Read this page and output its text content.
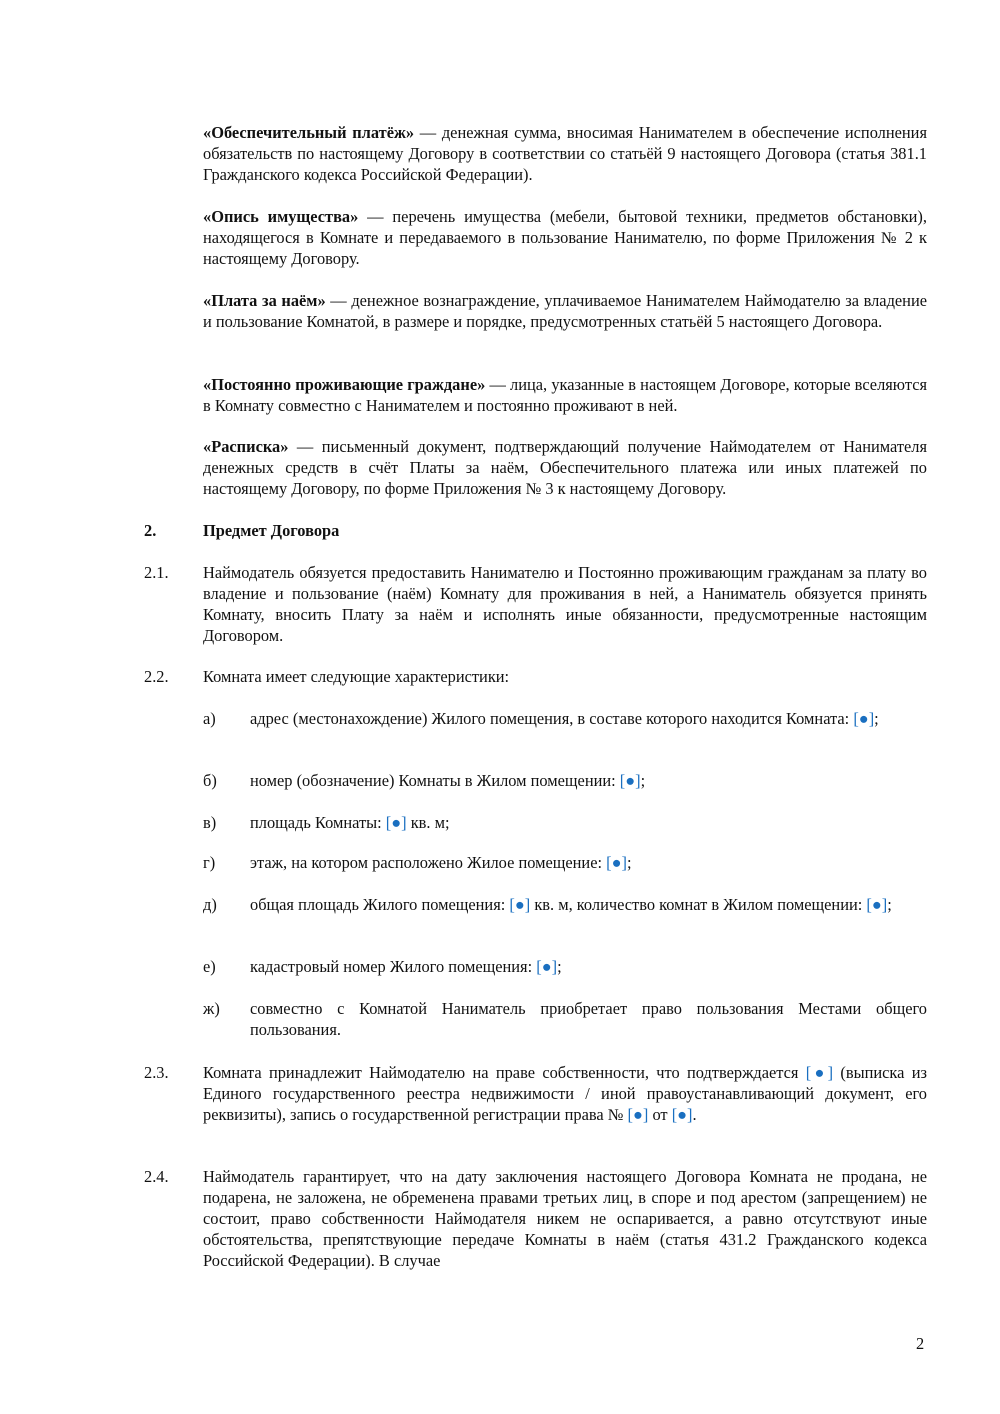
«Обеспечительный платёж» — денежная сумма, вносимая Нанимателем в обеспечение исполнения обязательств по настоящему Договору в соответствии со статьёй 9 настоящего Договора (статья 381.1 Гражданского кодекса Российской Федерации).

«Опись имущества» — перечень имущества (мебели, бытовой техники, предметов обстановки), находящегося в Комнате и передаваемого в пользование Нанимателю, по форме Приложения № 2 к настоящему Договору.

«Плата за наём» — денежное вознаграждение, уплачиваемое Нанимателем Наймодателю за владение и пользование Комнатой, в размере и порядке, предусмотренных статьёй 5 настоящего Договора.

«Постоянно проживающие граждане» — лица, указанные в настоящем Договоре, которые вселяются в Комнату совместно с Нанимателем и постоянно проживают в ней.

«Расписка» — письменный документ, подтверждающий получение Наймодателем от Нанимателя денежных средств в счёт Платы за наём, Обеспечительного платежа или иных платежей по настоящему Договору, по форме Приложения № 3 к настоящему Договору.

2.	Предмет Договора
2.1. Наймодатель обязуется предоставить Нанимателю и Постоянно проживающим гражданам за плату во владение и пользование (наём) Комнату для проживания в ней, а Наниматель обязуется принять Комнату, вносить Плату за наём и исполнять иные обязанности, предусмотренные настоящим Договором.

2.2. Комната имеет следующие характеристики:

а) адрес (местонахождение) Жилого помещения, в составе которого находится Комната: [●];

б) номер (обозначение) Комнаты в Жилом помещении: [●];

в) площадь Комнаты: [●] кв. м;

г) этаж, на котором расположено Жилое помещение: [●];

д) общая площадь Жилого помещения: [●] кв. м, количество комнат в Жилом помещении: [●];

е) кадастровый номер Жилого помещения: [●];

ж) совместно с Комнатой Наниматель приобретает право пользования Местами общего пользования.

2.3. Комната принадлежит Наймодателю на праве собственности, что подтверждается [●] (выписка из Единого государственного реестра недвижимости / иной правоустанавливающий документ, его реквизиты), запись о государственной регистрации права № [●] от [●].

2.4. Наймодатель гарантирует, что на дату заключения настоящего Договора Комната не продана, не подарена, не заложена, не обременена правами третьих лиц, в споре и под арестом (запрещением) не состоит, право собственности Наймодателя никем не оспаривается, а равно отсутствуют иные обстоятельства, препятствующие передаче Комнаты в наём (статья 431.2 Гражданского кодекса Российской Федерации). В случае

2
